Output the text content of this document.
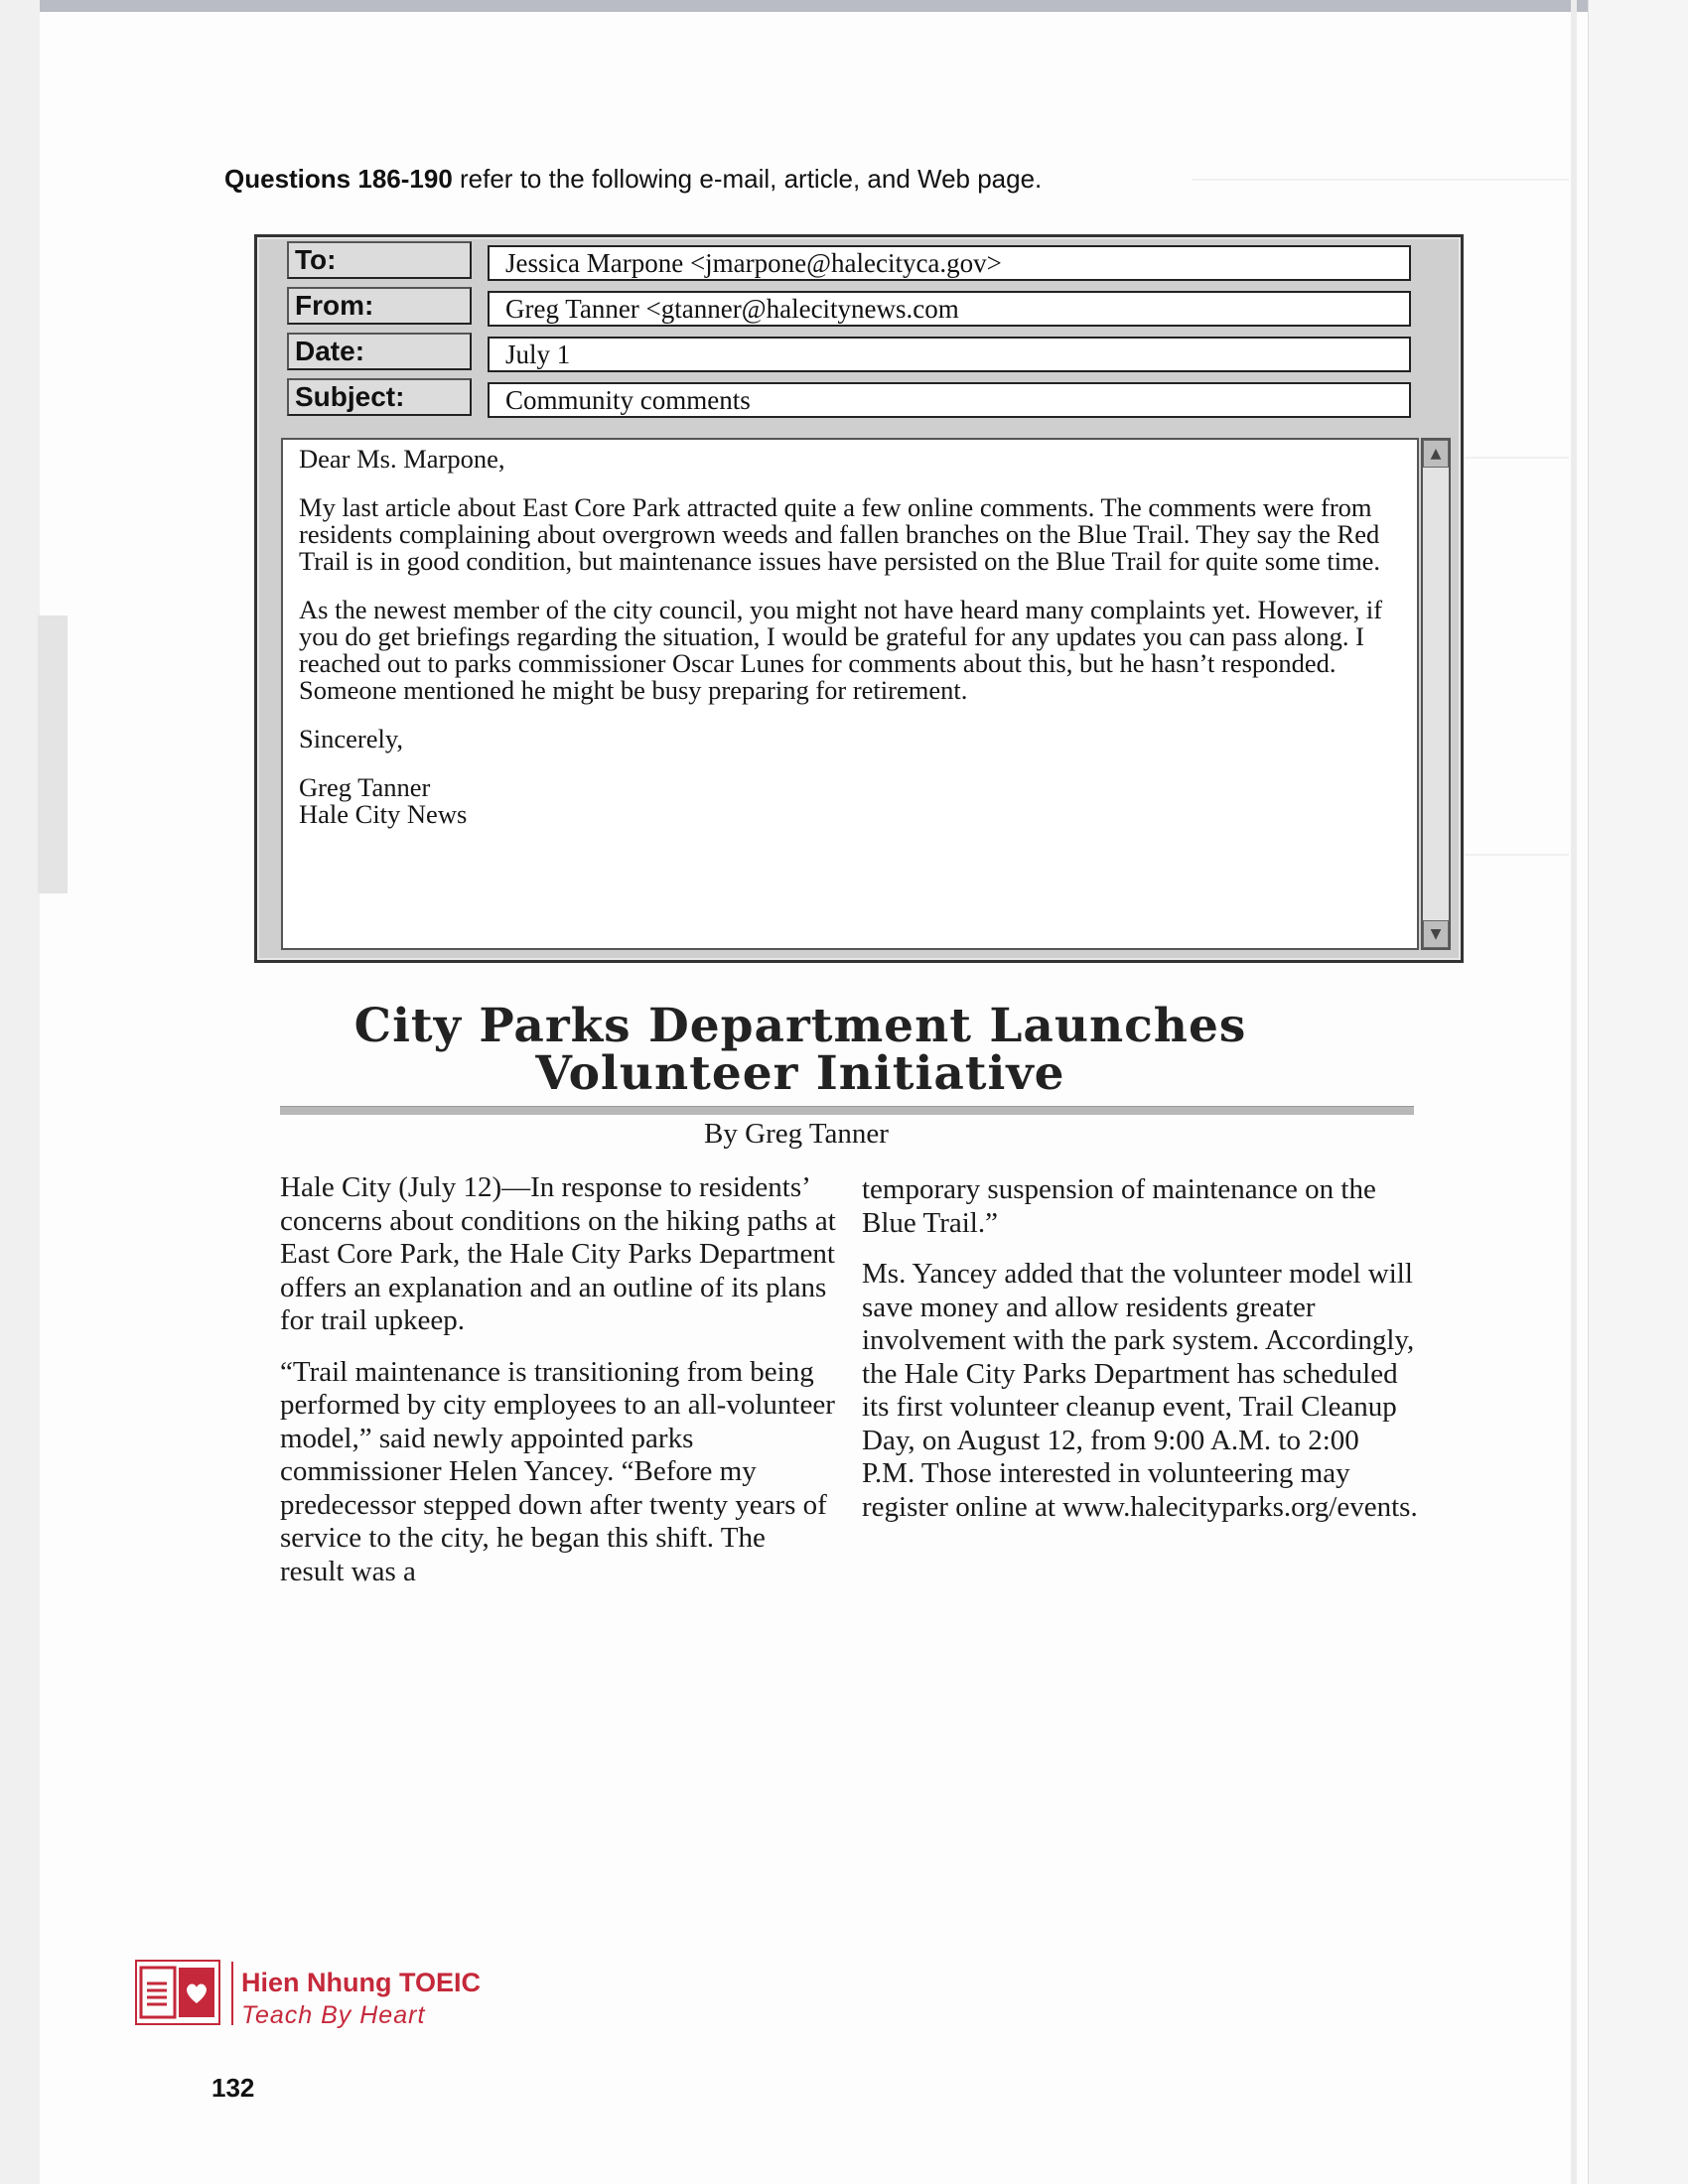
Questions 186-190 refer to the following e-mail, article, and Web page.
To:	Jessica Marpone <jmarpone@halecityca.gov>
From:	Greg Tanner <gtanner@halecitynews.com
Date:	July 1
Subject:	Community comments

Dear Ms. Marpone,

My last article about East Core Park attracted quite a few online comments. The comments were from residents complaining about overgrown weeds and fallen branches on the Blue Trail. They say the Red Trail is in good condition, but maintenance issues have persisted on the Blue Trail for quite some time.

As the newest member of the city council, you might not have heard many complaints yet. However, if you do get briefings regarding the situation, I would be grateful for any updates you can pass along. I reached out to parks commissioner Oscar Lunes for comments about this, but he hasn’t responded. Someone mentioned he might be busy preparing for retirement.

Sincerely,

Greg Tanner

Hale City News

▲
▼
City Parks Department Launches
Volunteer Initiative
By Greg Tanner

Hale City (July 12)—In response to residents’ concerns about conditions on the hiking paths at East Core Park, the Hale City Parks Department offers an explanation and an outline of its plans for trail upkeep.

“Trail maintenance is transitioning from being performed by city employees to an all-volunteer model,” said newly appointed parks commissioner Helen Yancey. “Before my predecessor stepped down after twenty years of service to the city, he began this shift. The result was a

temporary suspension of maintenance on the Blue Trail.”

Ms. Yancey added that the volunteer model will save money and allow residents greater involvement with the park system. Accordingly, the Hale City Parks Department has scheduled its first volunteer cleanup event, Trail Cleanup Day, on August 12, from 9:00 A.M. to 2:00 P.M. Those interested in volunteering may register online at www.halecityparks.org/events.

Hien Nhung TOEIC
Teach By Heart
132
